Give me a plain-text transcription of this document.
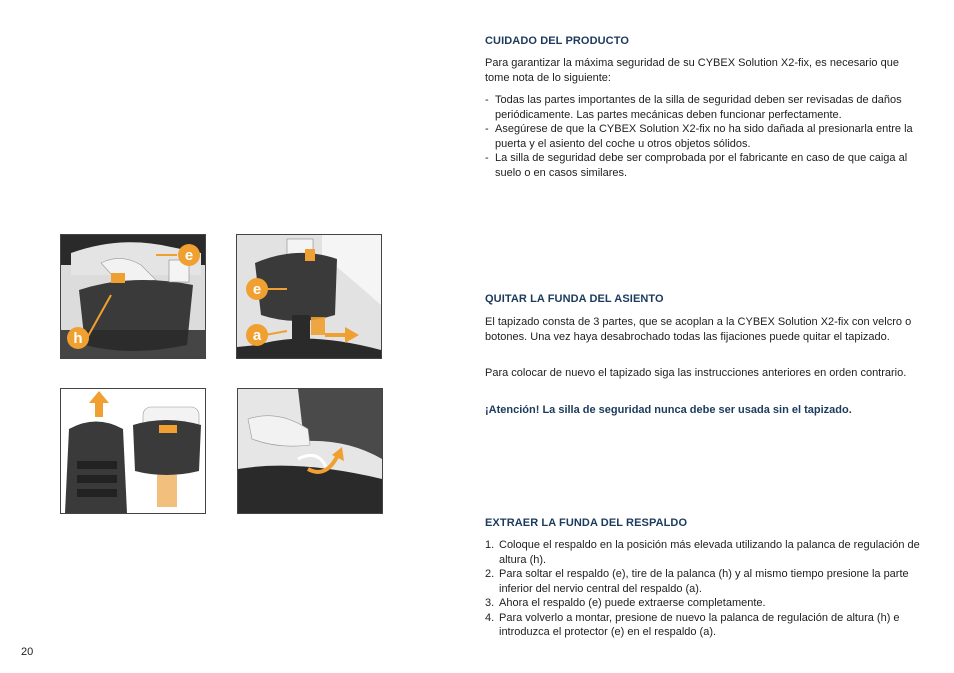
20
CUIDADO DEL PRODUCTO
Para garantizar la máxima seguridad de su CYBEX Solution X2-fix, es necesario que tome nota de lo siguiente:
- Todas las partes importantes de la silla de seguridad deben ser revisadas de daños periódicamente. Las partes mecánicas deben funcionar perfectamente.
- Asegúrese de que la CYBEX Solution X2-fix no ha sido dañada al presionarla entre la puerta y el asiento del coche u otros objetos sólidos.
- La silla de seguridad debe ser comprobada por el fabricante en caso de que caiga al suelo o en casos similares.
QUITAR LA FUNDA DEL ASIENTO
El tapizado consta de 3 partes, que se acoplan a la CYBEX Solution X2-fix con velcro o botones. Una vez haya desabrochado todas las fijaciones puede quitar el tapizado.
Para colocar de nuevo el tapizado siga las instrucciones anteriores en orden contrario.
¡Atención! La silla de seguridad nunca debe ser usada sin el tapizado.
EXTRAER LA FUNDA DEL RESPALDO
1. Coloque el respaldo en la posición más elevada utilizando la palanca de regulación de altura (h).
2. Para soltar el respaldo (e), tire de la palanca (h) y al mismo tiempo presione la parte inferior del nervio central del respaldo (a).
3. Ahora el respaldo (e) puede extraerse completamente.
4. Para volverlo a montar, presione de nuevo la palanca de regulación de altura (h) e introduzca el protector (e) en el respaldo (a).
e
h
e
a
